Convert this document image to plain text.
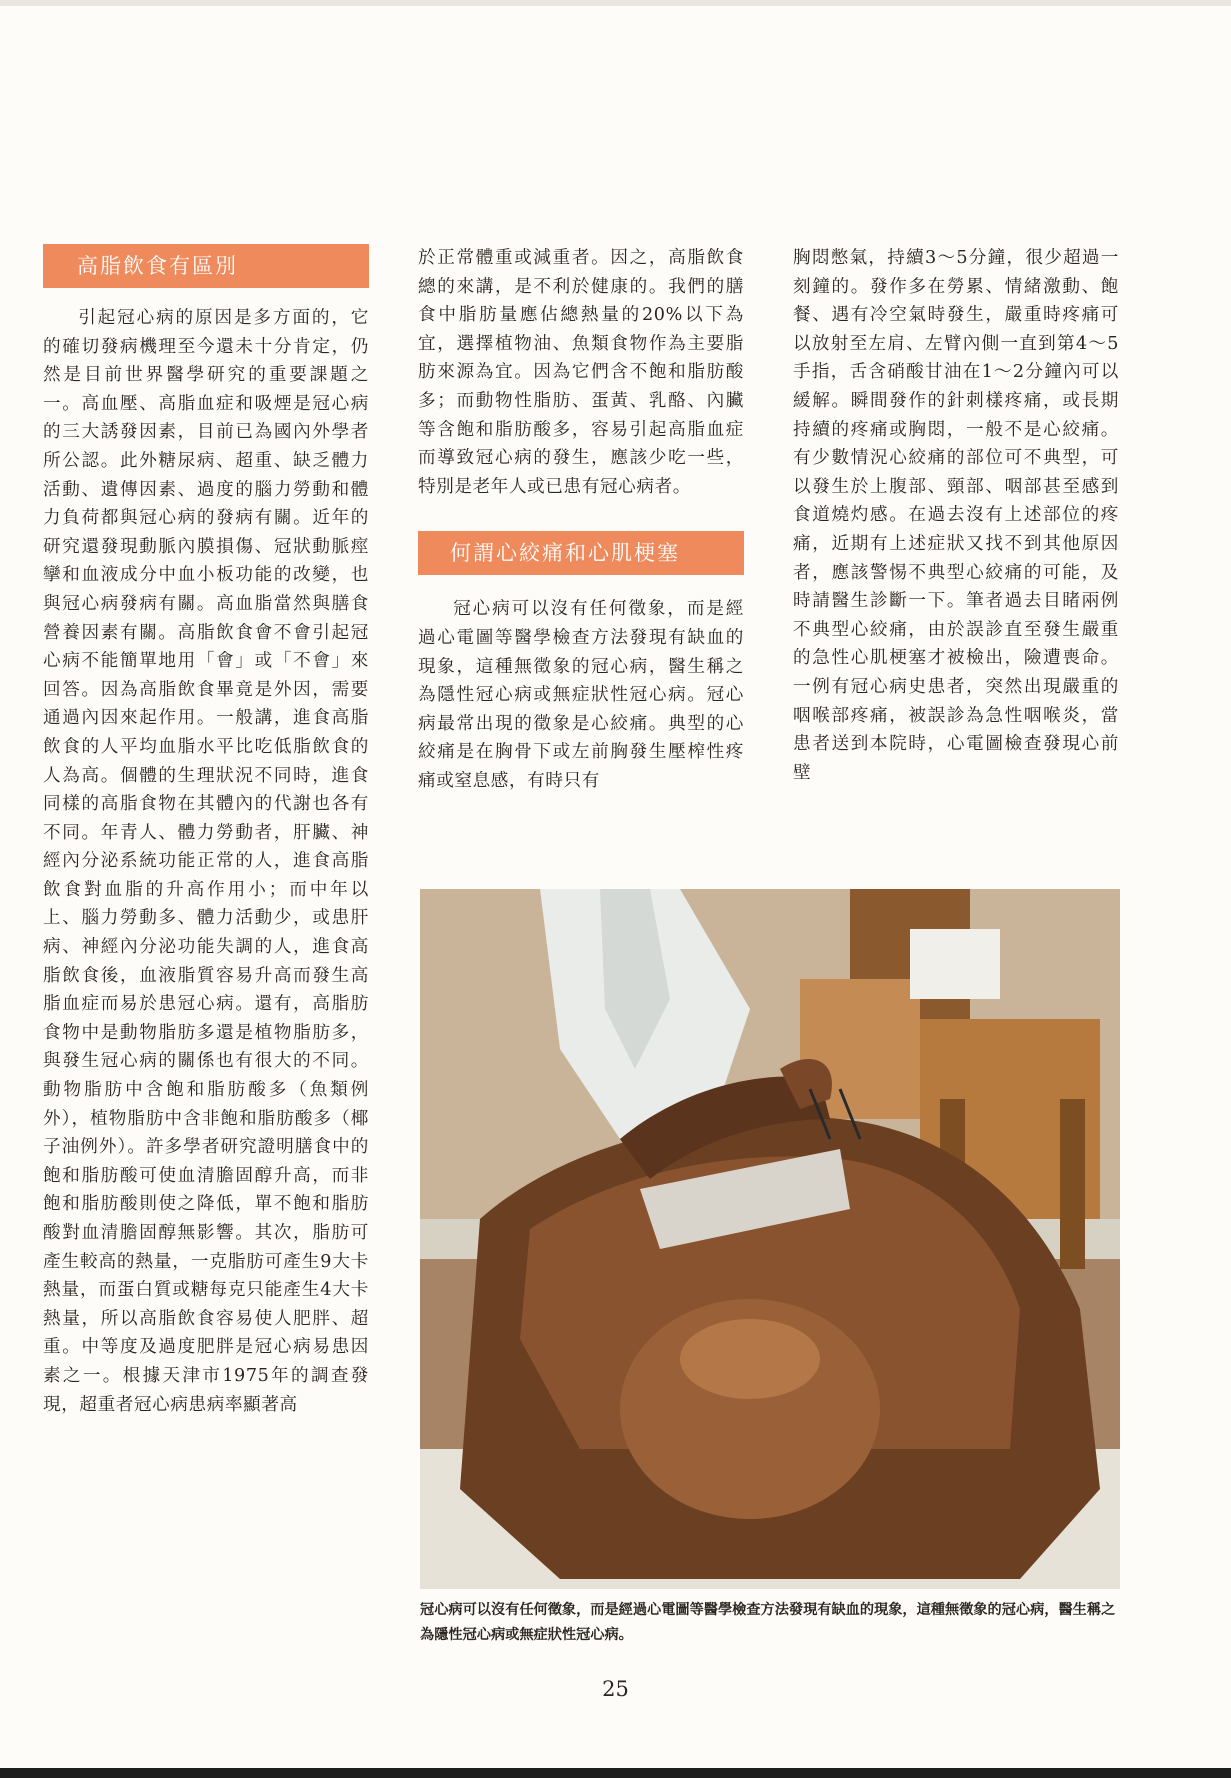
高脂飲食有區別

引起冠心病的原因是多方面的，它的確切發病機理至今還未十分肯定，仍然是目前世界醫學研究的重要課題之一。高血壓、高脂血症和吸煙是冠心病的三大誘發因素，目前已為國內外學者所公認。此外糖尿病、超重、缺乏體力活動、遺傳因素、過度的腦力勞動和體力負荷都與冠心病的發病有關。近年的研究還發現動脈內膜損傷、冠狀動脈痙攣和血液成分中血小板功能的改變，也與冠心病發病有關。高血脂當然與膳食營養因素有關。高脂飲食會不會引起冠心病不能簡單地用「會」或「不會」來回答。因為高脂飲食畢竟是外因，需要通過內因來起作用。一般講，進食高脂飲食的人平均血脂水平比吃低脂飲食的人為高。個體的生理狀況不同時，進食同樣的高脂食物在其體內的代謝也各有不同。年青人、體力勞動者，肝臟、神經內分泌系統功能正常的人，進食高脂飲食對血脂的升高作用小；而中年以上、腦力勞動多、體力活動少，或患肝病、神經內分泌功能失調的人，進食高脂飲食後，血液脂質容易升高而發生高脂血症而易於患冠心病。還有，高脂肪食物中是動物脂肪多還是植物脂肪多，與發生冠心病的關係也有很大的不同。動物脂肪中含飽和脂肪酸多（魚類例外），植物脂肪中含非飽和脂肪酸多（椰子油例外）。許多學者研究證明膳食中的飽和脂肪酸可使血清膽固醇升高，而非飽和脂肪酸則使之降低，單不飽和脂肪酸對血清膽固醇無影響。其次，脂肪可產生較高的熱量，一克脂肪可產生9大卡熱量，而蛋白質或糖每克只能產生4大卡熱量，所以高脂飲食容易使人肥胖、超重。中等度及過度肥胖是冠心病易患因素之一。根據天津市1975年的調查發現，超重者冠心病患病率顯著高

於正常體重或減重者。因之，高脂飲食總的來講，是不利於健康的。我們的膳食中脂肪量應佔總熱量的20%以下為宜，選擇植物油、魚類食物作為主要脂肪來源為宜。因為它們含不飽和脂肪酸多；而動物性脂肪、蛋黃、乳酪、內臟等含飽和脂肪酸多，容易引起高脂血症而導致冠心病的發生，應該少吃一些，特別是老年人或已患有冠心病者。

何謂心絞痛和心肌梗塞

冠心病可以沒有任何徵象，而是經過心電圖等醫學檢查方法發現有缺血的現象，這種無徵象的冠心病，醫生稱之為隱性冠心病或無症狀性冠心病。冠心病最常出現的徵象是心絞痛。典型的心絞痛是在胸骨下或左前胸發生壓榨性疼痛或窒息感，有時只有

胸悶憋氣，持續3～5分鐘，很少超過一刻鐘的。發作多在勞累、情緒激動、飽餐、遇有冷空氣時發生，嚴重時疼痛可以放射至左肩、左臂內側一直到第4～5手指，舌含硝酸甘油在1～2分鐘內可以緩解。瞬間發作的針刺樣疼痛，或長期持續的疼痛或胸悶，一般不是心絞痛。有少數情況心絞痛的部位可不典型，可以發生於上腹部、頸部、咽部甚至感到食道燒灼感。在過去沒有上述部位的疼痛，近期有上述症狀又找不到其他原因者，應該警惕不典型心絞痛的可能，及時請醫生診斷一下。筆者過去目睹兩例不典型心絞痛，由於誤診直至發生嚴重的急性心肌梗塞才被檢出，險遭喪命。一例有冠心病史患者，突然出現嚴重的咽喉部疼痛，被誤診為急性咽喉炎，當患者送到本院時，心電圖檢查發現心前壁

冠心病可以沒有任何徵象，而是經過心電圖等醫學檢查方法發現有缺血的現象，這種無徵象的冠心病，醫生稱之為隱性冠心病或無症狀性冠心病。

25
